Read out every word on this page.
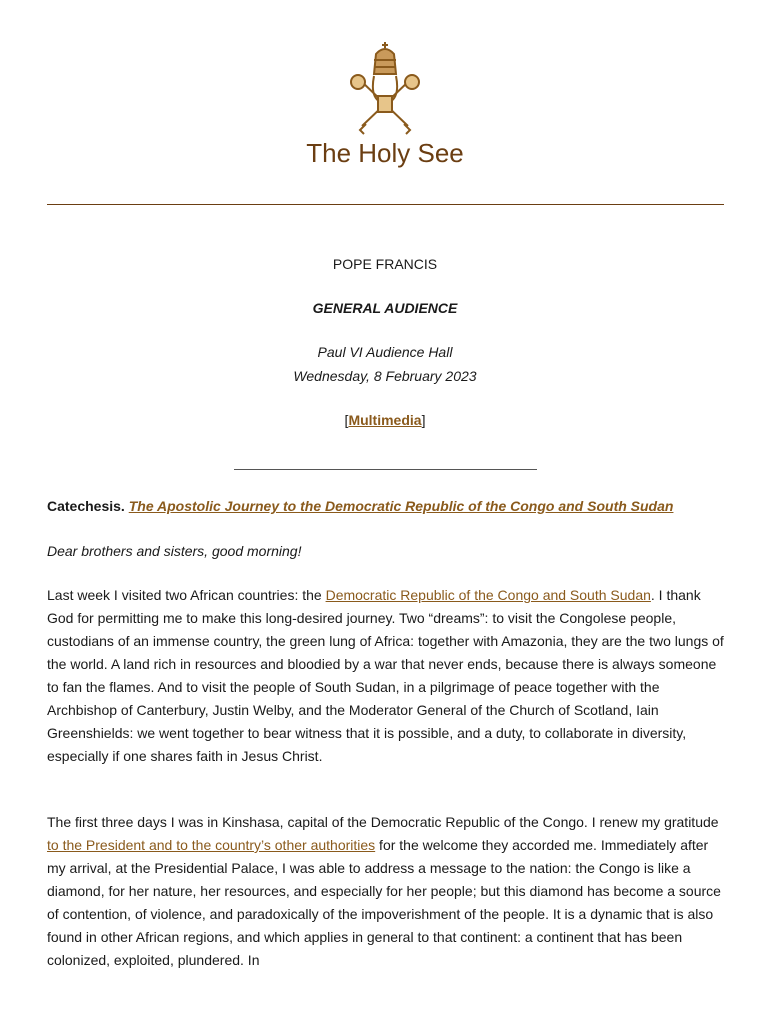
The Holy See
POPE FRANCIS
GENERAL AUDIENCE
Paul VI Audience Hall
Wednesday, 8 February 2023
[Multimedia]
Catechesis. The Apostolic Journey to the Democratic Republic of the Congo and South Sudan
Dear brothers and sisters, good morning!
Last week I visited two African countries: the Democratic Republic of the Congo and South Sudan. I thank God for permitting me to make this long-desired journey. Two “dreams”: to visit the Congolese people, custodians of an immense country, the green lung of Africa: together with Amazonia, they are the two lungs of the world. A land rich in resources and bloodied by a war that never ends, because there is always someone to fan the flames. And to visit the people of South Sudan, in a pilgrimage of peace together with the Archbishop of Canterbury, Justin Welby, and the Moderator General of the Church of Scotland, Iain Greenshields: we went together to bear witness that it is possible, and a duty, to collaborate in diversity, especially if one shares faith in Jesus Christ.
The first three days I was in Kinshasa, capital of the Democratic Republic of the Congo. I renew my gratitude to the President and to the country’s other authorities for the welcome they accorded me. Immediately after my arrival, at the Presidential Palace, I was able to address a message to the nation: the Congo is like a diamond, for her nature, her resources, and especially for her people; but this diamond has become a source of contention, of violence, and paradoxically of the impoverishment of the people. It is a dynamic that is also found in other African regions, and which applies in general to that continent: a continent that has been colonized, exploited, plundered. In
